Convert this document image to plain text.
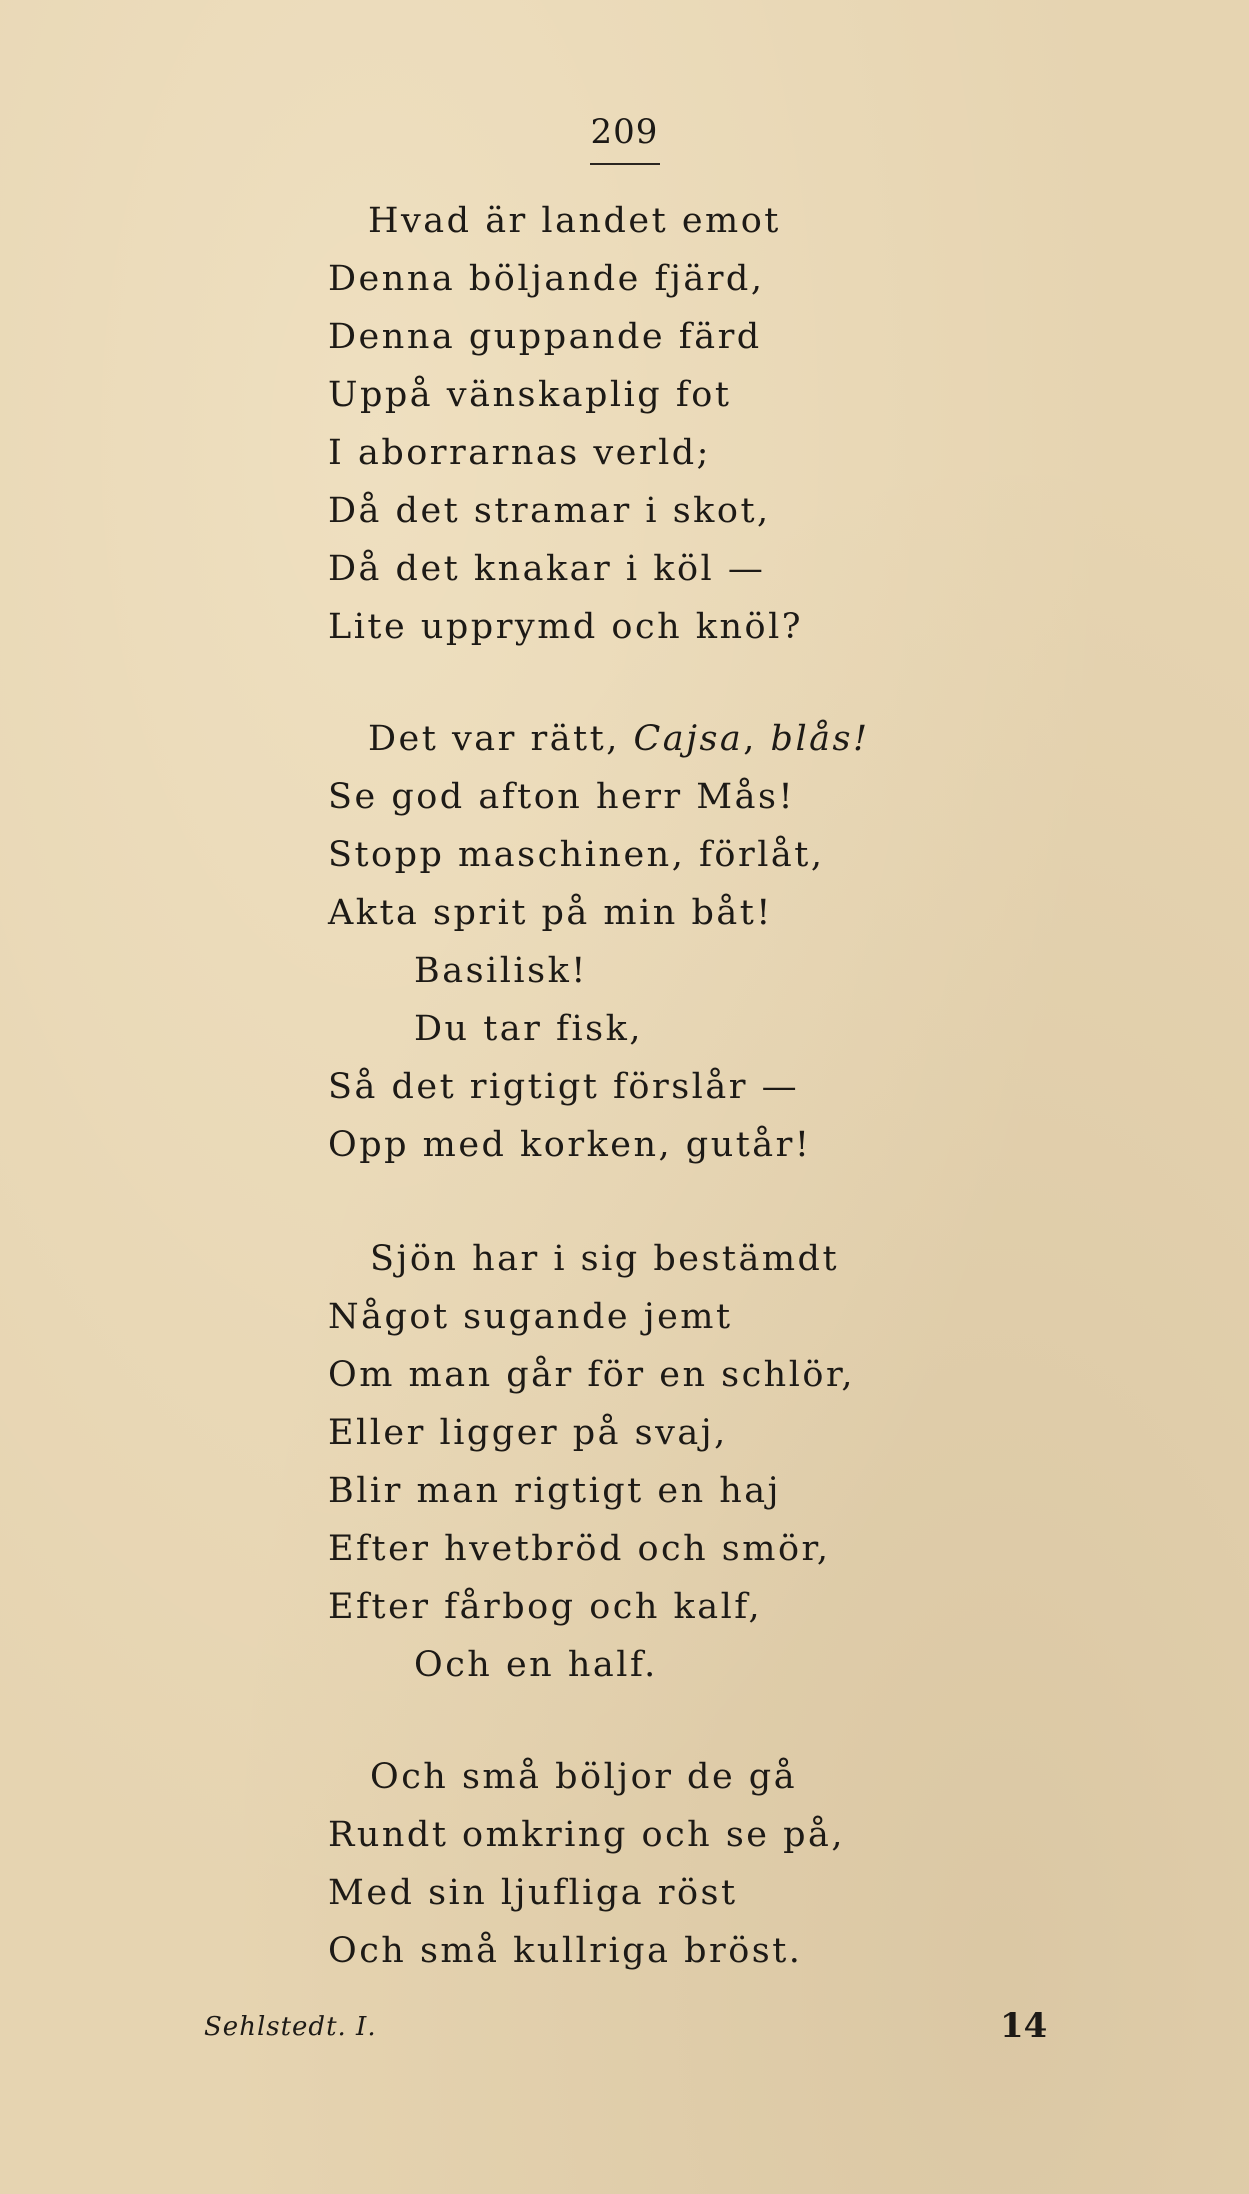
209
Hvad är landet emot
Denna böljande fjärd,
Denna guppande färd
Uppå vänskaplig fot
I aborrarnas verld;
Då det stramar i skot,
Då det knakar i köl —
Lite upprymd och knöl?
Det var rätt, Cajsa, blås!
Se god afton herr Mås!
Stopp maschinen, förlåt,
Akta sprit på min båt!
Basilisk!
Du tar fisk,
Så det rigtigt förslår —
Opp med korken, gutår!
Sjön har i sig bestämdt
Något sugande jemt
Om man går för en schlör,
Eller ligger på svaj,
Blir man rigtigt en haj
Efter hvetbröd och smör,
Efter fårbog och kalf,
Och en half.
Och små böljor de gå
Rundt omkring och se på,
Med sin ljufliga röst
Och små kullriga bröst.
Sehlstedt. I.	14
